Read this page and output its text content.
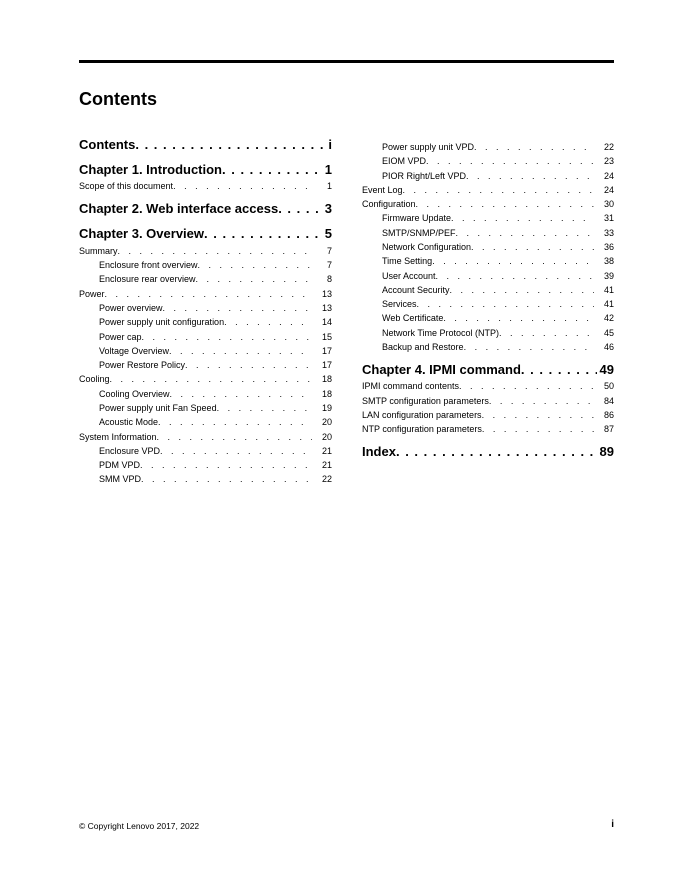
Contents
Contents . . .	i
Chapter 1. Introduction . . .	1
Scope of this document . . .	1
Chapter 2. Web interface access . . .	3
Chapter 3. Overview . . .	5
Summary . . .	7
Enclosure front overview . . .	7
Enclosure rear overview . . .	8
Power . . .	13
Power overview . . .	13
Power supply unit configuration . . .	14
Power cap . . .	15
Voltage Overview . . .	17
Power Restore Policy . . .	17
Cooling . . .	18
Cooling Overview . . .	18
Power supply unit Fan Speed . . .	19
Acoustic Mode . . .	20
System Information . . .	20
Enclosure VPD . . .	21
PDM VPD . . .	21
SMM VPD . . .	22
Power supply unit VPD . . .	22
EIOM VPD . . .	23
PIOR Right/Left VPD . . .	24
Event Log . . .	24
Configuration . . .	30
Firmware Update . . .	31
SMTP/SNMP/PEF . . .	33
Network Configuration . . .	36
Time Setting . . .	38
User Account . . .	39
Account Security . . .	41
Services . . .	41
Web Certificate . . .	42
Network Time Protocol (NTP) . . .	45
Backup and Restore . . .	46
Chapter 4. IPMI command . . .	49
IPMI command contents . . .	50
SMTP configuration parameters . . .	84
LAN configuration parameters . . .	86
NTP configuration parameters . . .	87
Index . . .	89
© Copyright Lenovo 2017, 2022	i
